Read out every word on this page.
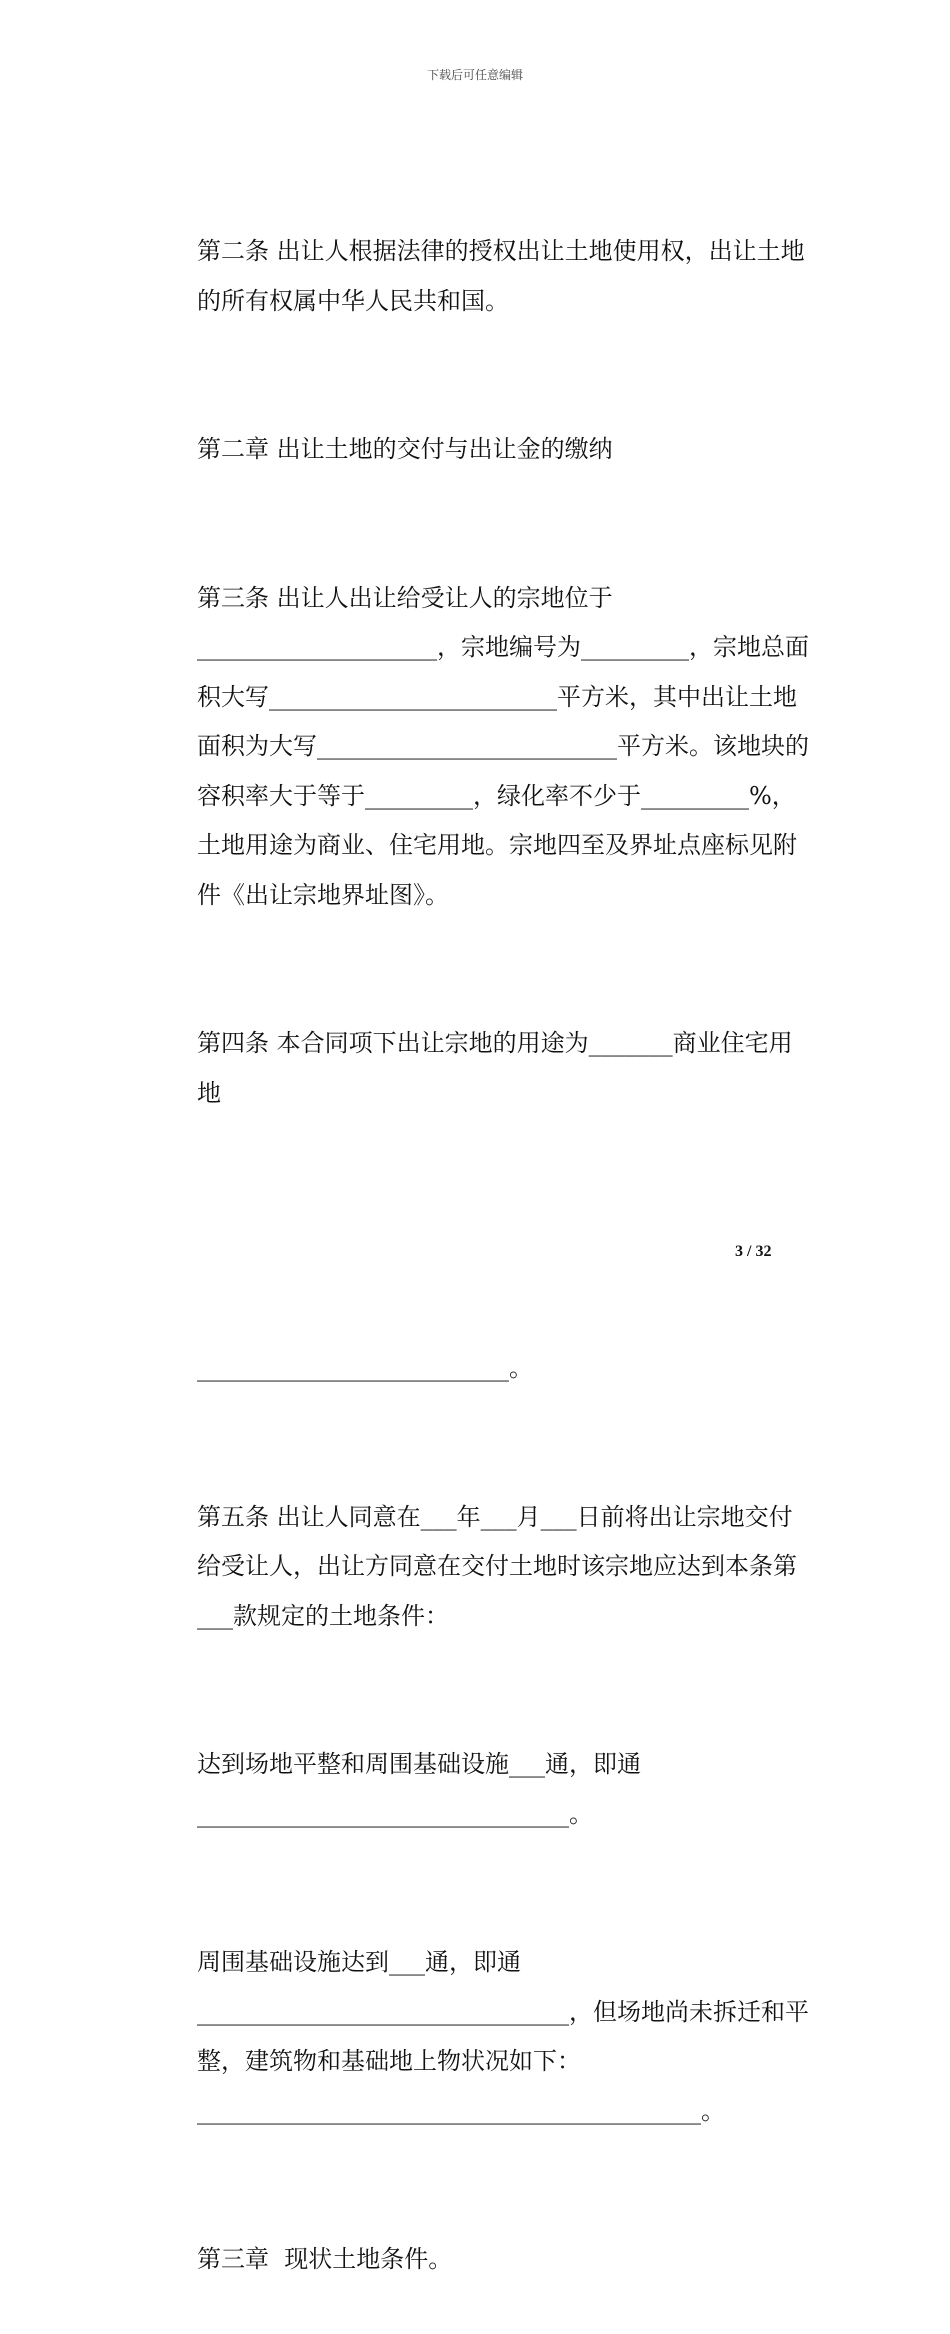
下载后可任意编辑

第二条 出让人根据法律的授权出让土地使用权，出让土地的所有权属中华人民共和国。

第二章 出让土地的交付与出让金的缴纳

第三条 出让人出让给受让人的宗地位于____________________，宗地编号为_________，宗地总面积大写________________________平方米，其中出让土地面积为大写_________________________平方米。该地块的容积率大于等于_________，绿化率不少于_________%，土地用途为商业、住宅用地。宗地四至及界址点座标见附件《出让宗地界址图》。

第四条 本合同项下出让宗地的用途为_______商业住宅用地

__________________________。

第五条 出让人同意在___年___月___日前将出让宗地交付给受让人，出让方同意在交付土地时该宗地应达到本条第___款规定的土地条件：

达到场地平整和周围基础设施___通，即通_______________________________。

周围基础设施达到___通，即通_______________________________，但场地尚未拆迁和平整，建筑物和基础地上物状况如下：__________________________________________。

第三章  现状土地条件。

3 / 32
